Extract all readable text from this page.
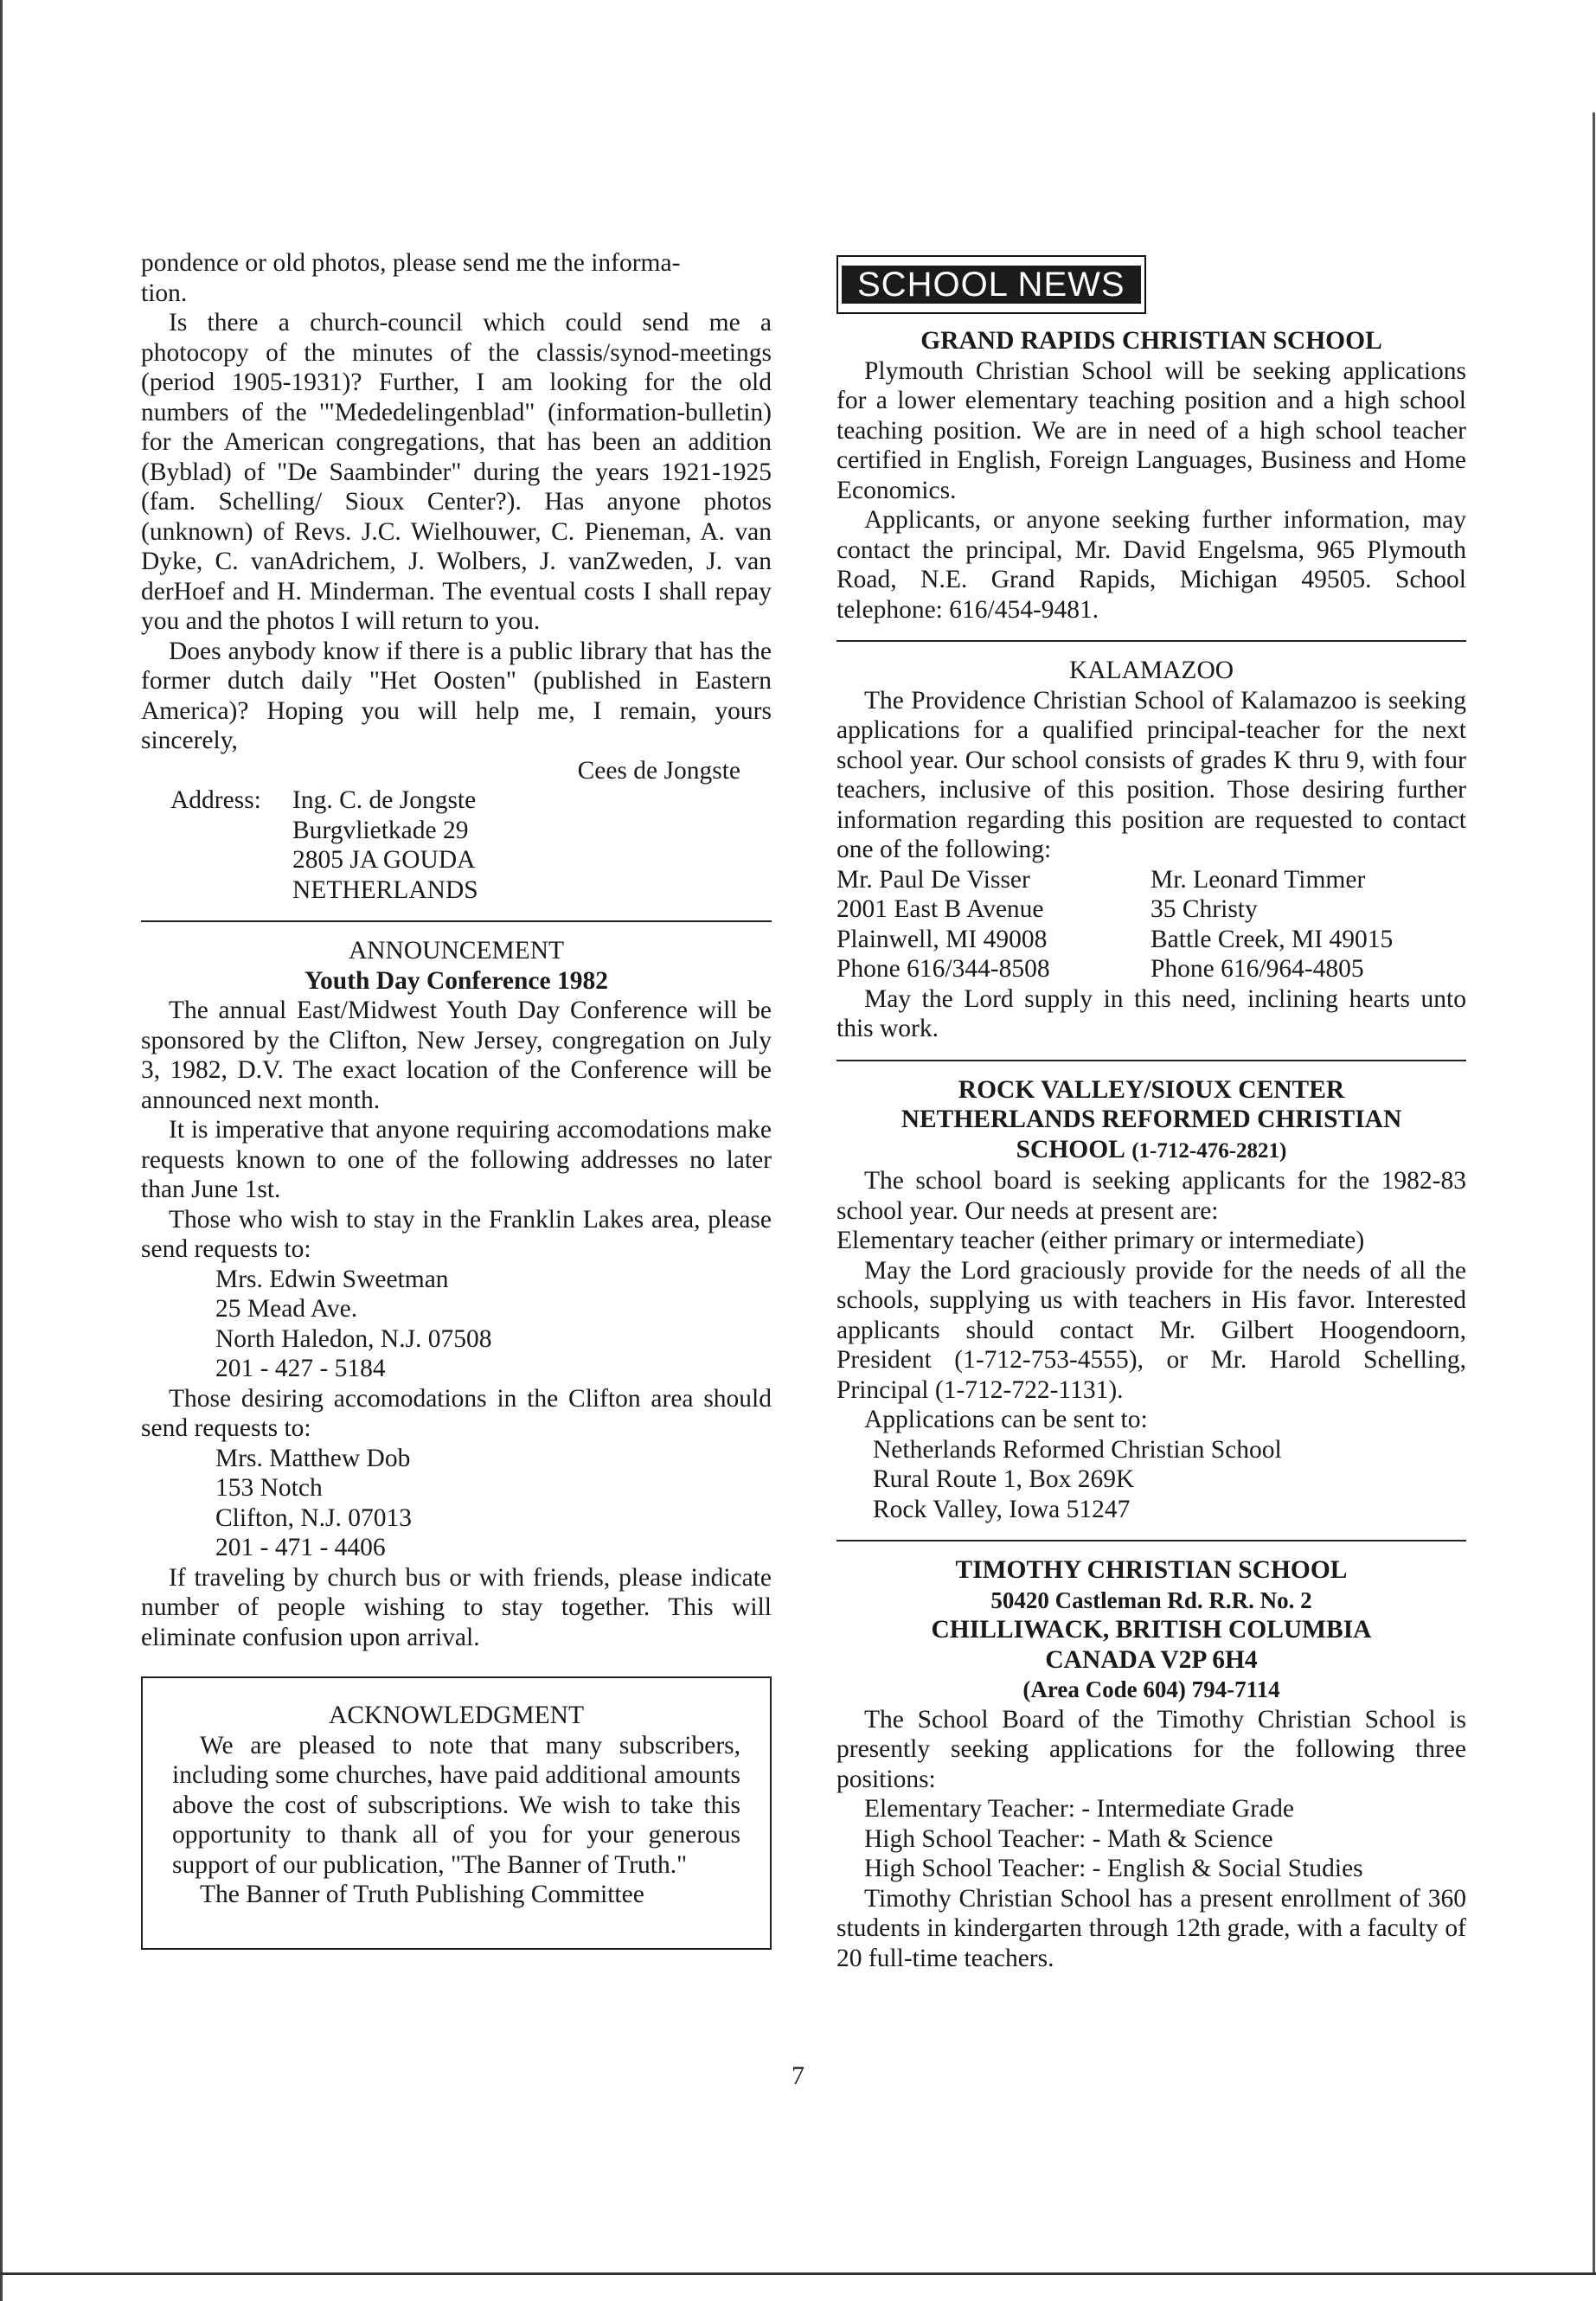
pondence or old photos, please send me the informa-

tion.

Is there a church-council which could send me a photocopy of the minutes of the classis/synod-meetings (period 1905-1931)? Further, I am looking for the old numbers of the '"Mededelingenblad" (information-bulletin) for the American congregations, that has been an addition (Byblad) of "De Saambinder" during the years 1921-1925 (fam. Schelling/ Sioux Center?). Has anyone photos (unknown) of Revs. J.C. Wielhouwer, C. Pieneman, A. van Dyke, C. vanAdrichem, J. Wolbers, J. vanZweden, J. van derHoef and H. Minderman. The eventual costs I shall repay you and the photos I will return to you.

Does anybody know if there is a public library that has the former dutch daily "Het Oosten" (published in Eastern America)? Hoping you will help me, I remain, yours sincerely,

Cees de Jongste

Address:	Ing. C. de Jongste
Burgvlietkade 29
2805 JA GOUDA
NETHERLANDS

ANNOUNCEMENT

Youth Day Conference 1982

The annual East/Midwest Youth Day Conference will be sponsored by the Clifton, New Jersey, congregation on July 3, 1982, D.V. The exact location of the Conference will be announced next month.

It is imperative that anyone requiring accomodations make requests known to one of the following addresses no later than June 1st.

Those who wish to stay in the Franklin Lakes area, please send requests to:

Mrs. Edwin Sweetman
25 Mead Ave.
North Haledon, N.J. 07508
201 - 427 - 5184

Those desiring accomodations in the Clifton area should send requests to:

Mrs. Matthew Dob
153 Notch
Clifton, N.J. 07013
201 - 471 - 4406

If traveling by church bus or with friends, please indicate number of people wishing to stay together. This will eliminate confusion upon arrival.

ACKNOWLEDGMENT

We are pleased to note that many subscribers, including some churches, have paid additional amounts above the cost of subscriptions. We wish to take this opportunity to thank all of you for your generous support of our publication, "The Banner of Truth."

The Banner of Truth Publishing Committee

SCHOOL NEWS

GRAND RAPIDS CHRISTIAN SCHOOL

Plymouth Christian School will be seeking applications for a lower elementary teaching position and a high school teaching position. We are in need of a high school teacher certified in English, Foreign Languages, Business and Home Economics.

Applicants, or anyone seeking further information, may contact the principal, Mr. David Engelsma, 965 Plymouth Road, N.E. Grand Rapids, Michigan 49505. School telephone: 616/454-9481.

KALAMAZOO

The Providence Christian School of Kalamazoo is seeking applications for a qualified principal-teacher for the next school year. Our school consists of grades K thru 9, with four teachers, inclusive of this position. Those desiring further information regarding this position are requested to contact one of the following:

Mr. Paul De Visser
2001 East B Avenue
Plainwell, MI 49008
Phone 616/344-8508
Mr. Leonard Timmer
35 Christy
Battle Creek, MI 49015
Phone 616/964-4805

May the Lord supply in this need, inclining hearts unto this work.

ROCK VALLEY/SIOUX CENTER

NETHERLANDS REFORMED CHRISTIAN

SCHOOL (1-712-476-2821)

The school board is seeking applicants for the 1982-83 school year. Our needs at present are:

Elementary teacher (either primary or intermediate)

May the Lord graciously provide for the needs of all the schools, supplying us with teachers in His favor. Interested applicants should contact Mr. Gilbert Hoogendoorn, President (1-712-753-4555), or Mr. Harold Schelling, Principal (1-712-722-1131).

Applications can be sent to:

Netherlands Reformed Christian School
Rural Route 1, Box 269K
Rock Valley, Iowa 51247

TIMOTHY CHRISTIAN SCHOOL

50420 Castleman Rd. R.R. No. 2

CHILLIWACK, BRITISH COLUMBIA

CANADA V2P 6H4

(Area Code 604) 794-7114

The School Board of the Timothy Christian School is presently seeking applications for the following three positions:

Elementary Teacher: - Intermediate Grade
High School Teacher: - Math & Science
High School Teacher: - English & Social Studies

Timothy Christian School has a present enrollment of 360 students in kindergarten through 12th grade, with a faculty of 20 full-time teachers.

7
